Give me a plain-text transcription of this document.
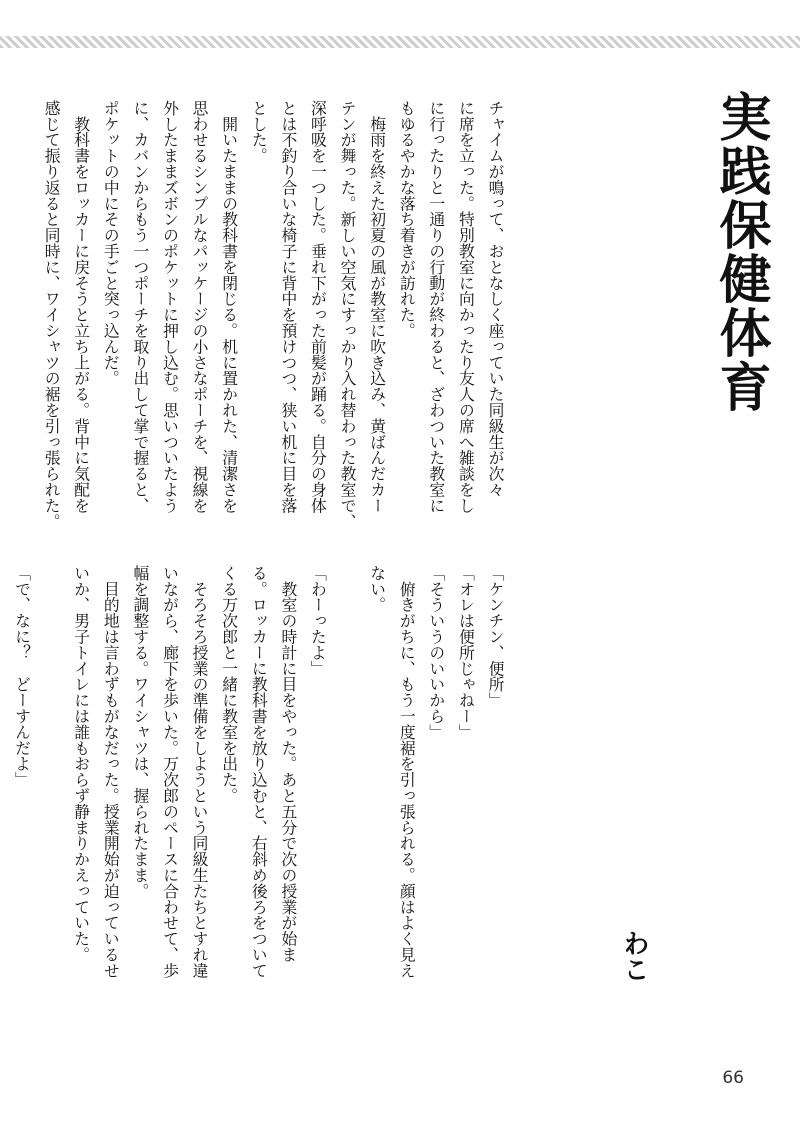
実践保健体育
わこ
チャイムが鳴って、おとなしく座っていた同級生が次々
に席を立った。特別教室に向かったり友人の席へ雑談をし
に行ったりと一通りの行動が終わると、ざわついた教室に
もゆるやかな落ち着きが訪れた。
　梅雨を終えた初夏の風が教室に吹き込み、黄ばんだカー
テンが舞った。新しい空気にすっかり入れ替わった教室で、
深呼吸を一つした。垂れ下がった前髪が踊る。自分の身体
とは不釣り合いな椅子に背中を預けつつ、狭い机に目を落
とした。
　開いたままの教科書を閉じる。机に置かれた、清潔さを
思わせるシンプルなパッケージの小さなポーチを、視線を
外したままズボンのポケットに押し込む。思いついたよう
に、カバンからもう一つポーチを取り出して掌で握ると、
ポケットの中にその手ごと突っ込んだ。
　教科書をロッカーに戻そうと立ち上がる。背中に気配を
感じて振り返ると同時に、ワイシャツの裾を引っ張られた。
「ケンチン、便所」
「オレは便所じゃねー」
「そういうのいいから」
　俯きがちに、もう一度裾を引っ張られる。顔はよく見え
ない。
「わーったよ」
　教室の時計に目をやった。あと五分で次の授業が始ま
る。ロッカーに教科書を放り込むと、右斜め後ろをついて
くる万次郎と一緒に教室を出た。
　そろそろ授業の準備をしようという同級生たちとすれ違
いながら、廊下を歩いた。万次郎のペースに合わせて、歩
幅を調整する。ワイシャツは、握られたまま。
　目的地は言わずもがなだった。授業開始が迫っているせ
いか、男子トイレには誰もおらず静まりかえっていた。
「で、なに？　どーすんだよ」
66
